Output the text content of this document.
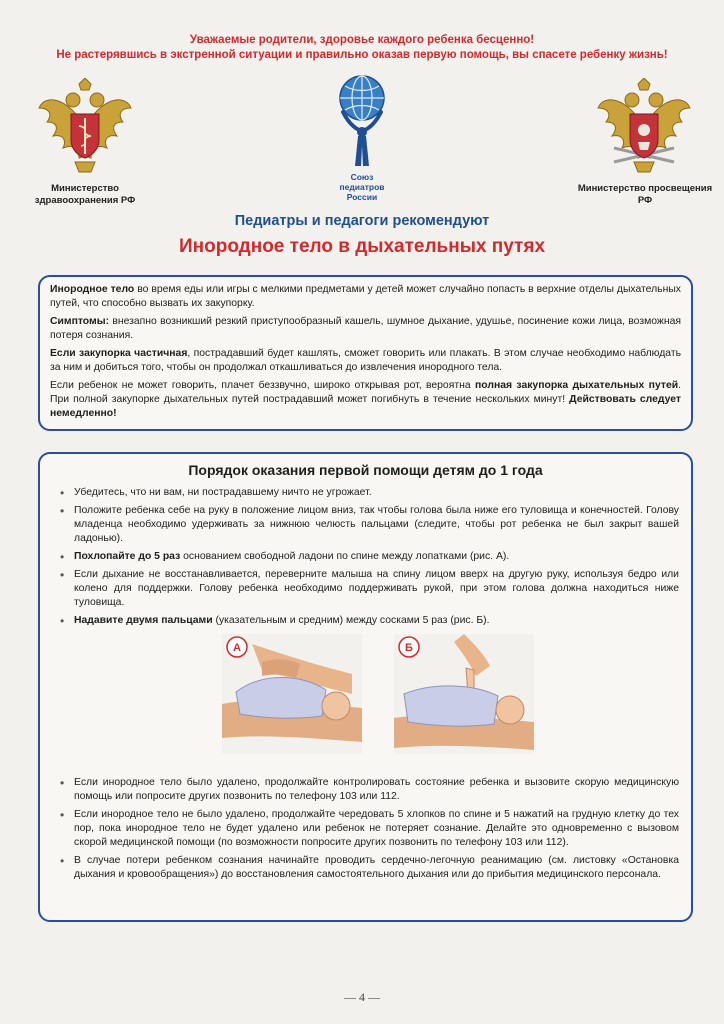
Уважаемые родители, здоровье каждого ребенка бесценно!
Не растерявшись в экстренной ситуации и правильно оказав первую помощь, вы спасете ребенку жизнь!
Министерство здравоохранения РФ
Союз
педиатров
России
Министерство просвещения РФ
Педиатры и педагоги рекомендуют
Инородное тело в дыхательных путях

Инородное тело во время еды или игры с мелкими предметами у детей может случайно попасть в верхние отделы дыхательных путей, что способно вызвать их закупорку.

Симптомы: внезапно возникший резкий приступообразный кашель, шумное дыхание, удушье, посинение кожи лица, возможная потеря сознания.

Если закупорка частичная, пострадавший будет кашлять, сможет говорить или плакать. В этом случае необходимо наблюдать за ним и добиться того, чтобы он продолжал откашливаться до извлечения инородного тела.

Если ребенок не может говорить, плачет беззвучно, широко открывая рот, вероятна полная закупорка дыхательных путей. При полной закупорке дыхательных путей пострадавший может погибнуть в течение нескольких минут! Действовать следует немедленно!

Порядок оказания первой помощи детям до 1 года
• Убедитесь, что ни вам, ни пострадавшему ничто не угрожает.
• Положите ребенка себе на руку в положение лицом вниз, так чтобы голова была ниже его туловища и конечностей. Голову младенца необходимо удерживать за нижнюю челюсть пальцами (следите, чтобы рот ребенка не был закрыт вашей ладонью).
• Похлопайте до 5 раз основанием свободной ладони по спине между лопатками (рис. А).
• Если дыхание не восстанавливается, переверните малыша на спину лицом вверх на другую руку, используя бедро или колено для поддержки. Голову ребенка необходимо поддерживать рукой, при этом голова должна находиться ниже туловища.
• Надавите двумя пальцами (указательным и средним) между сосками 5 раз (рис. Б).
А	Б
• Если инородное тело было удалено, продолжайте контролировать состояние ребенка и вызовите скорую медицинскую помощь или попросите других позвонить по телефону 103 или 112.
• Если инородное тело не было удалено, продолжайте чередовать 5 хлопков по спине и 5 нажатий на грудную клетку до тех пор, пока инородное тело не будет удалено или ребенок не потеряет сознание. Делайте это одновременно с вызовом скорой медицинской помощи (по возможности попросите других позвонить по телефону 103 или 112).
• В случае потери ребенком сознания начинайте проводить сердечно-легочную реанимацию (см. листовку «Остановка дыхания и кровообращения») до восстановления самостоятельного дыхания или до прибытия медицинского персонала.
— 4 —
